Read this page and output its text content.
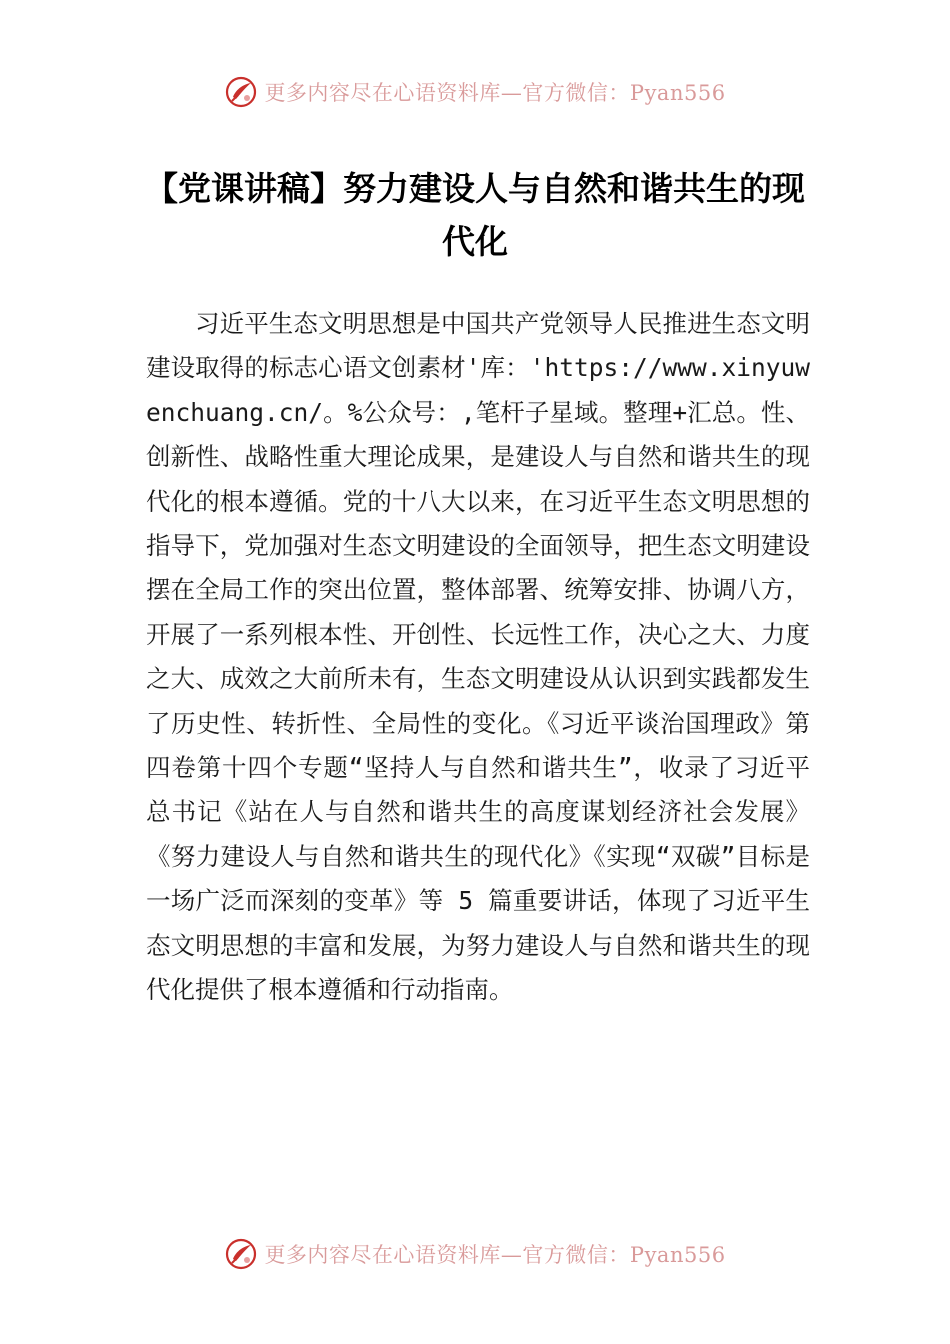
更多内容尽在心语资料库—官方微信：Pyan556
【党课讲稿】努力建设人与自然和谐共生的现代化

习近平生态文明思想是中国共产党领导人民推进生态文明建设取得的标志心语文创素材'库：'https://www.xinyuwenchuang.cn/。%公众号：,笔杆子星域。整理+汇总。性、创新性、战略性重大理论成果，是建设人与自然和谐共生的现代化的根本遵循。党的十八大以来，在习近平生态文明思想的指导下，党加强对生态文明建设的全面领导，把生态文明建设摆在全局工作的突出位置，整体部署、统筹安排、协调八方， 开展了一系列根本性、开创性、长远性工作，决心之大、力度之大、成效之大前所未有，生态文明建设从认识到实践都发生了历史性、转折性、全局性的变化。《习近平谈治国理政》第四卷第十四个专题“坚持人与自然和谐共生”，收录了习近平总书记《站在人与自然和谐共生的高度谋划经济社会发展》《努力建设人与自然和谐共生的现代化》《实现“双碳”目标是一场广泛而深刻的变革》等 5 篇重要讲话，体现了习近平生态文明思想的丰富和发展，为努力建设人与自然和谐共生的现代化提供了根本遵循和行动指南。

更多内容尽在心语资料库—官方微信：Pyan556
